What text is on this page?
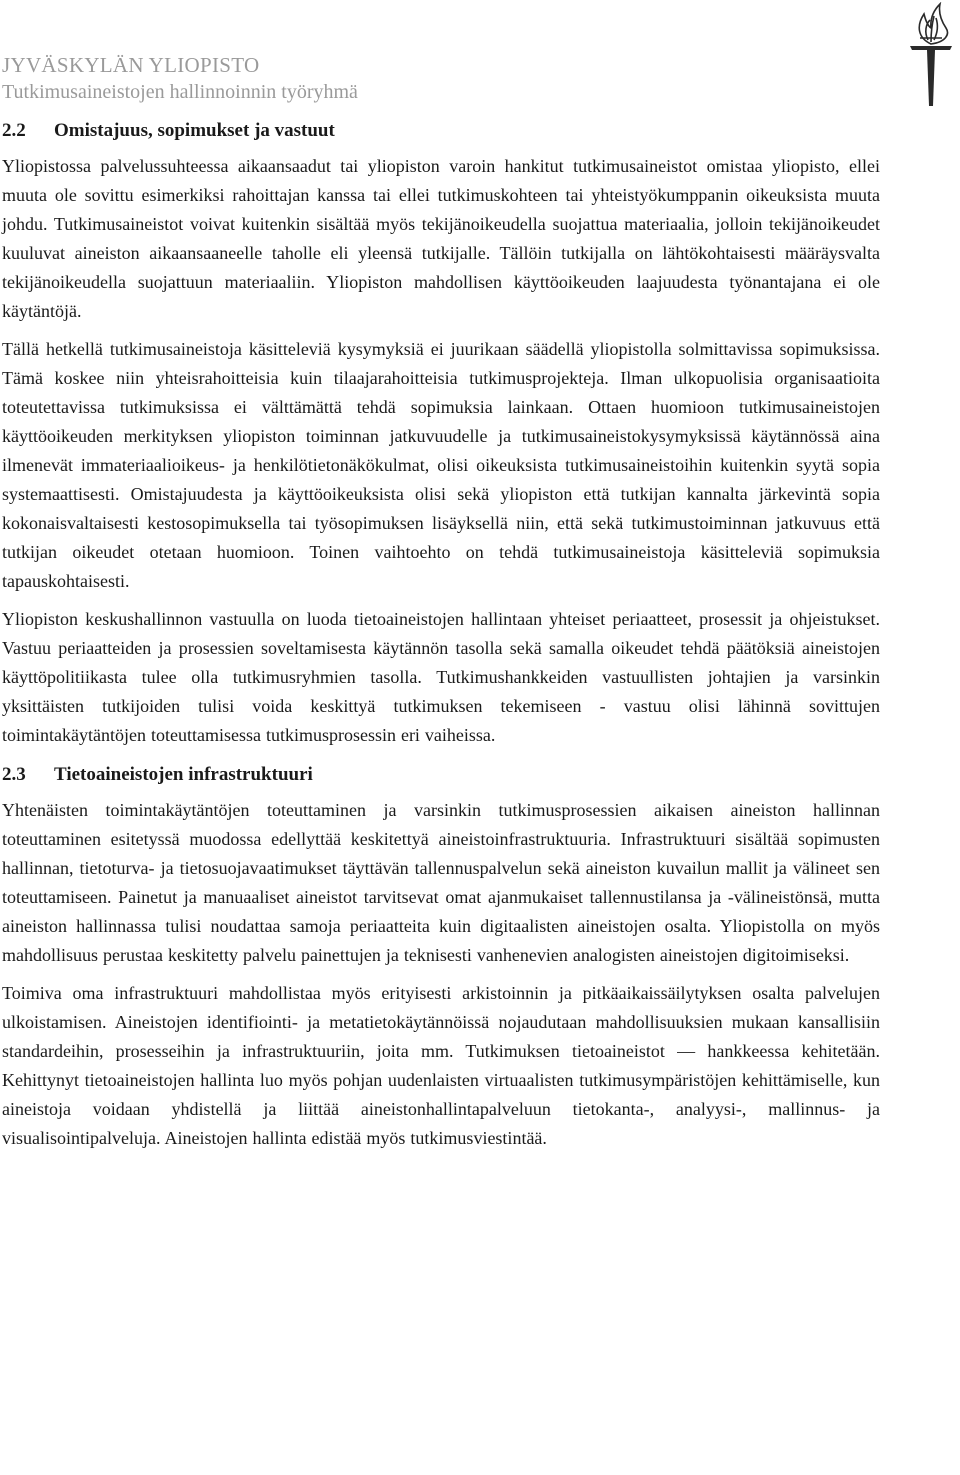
JYVÄSKYLÄN YLIOPISTO
Tutkimusaineistojen hallinnoinnin työryhmä
2.2	Omistajuus, sopimukset ja vastuut

Yliopistossa palvelussuhteessa aikaansaadut tai yliopiston varoin hankitut tutkimusaineistot omistaa yliopisto, ellei muuta ole sovittu esimerkiksi rahoittajan kanssa tai ellei tutkimuskohteen tai yhteistyökumppanin oikeuksista muuta johdu. Tutkimusaineistot voivat kuitenkin sisältää myös tekijänoikeudella suojattua materiaalia, jolloin tekijänoikeudet kuuluvat aineiston aikaansaaneelle taholle eli yleensä tutkijalle. Tällöin tutkijalla on lähtökohtaisesti määräysvalta tekijänoikeudella suojattuun materiaaliin. Yliopiston mahdollisen käyttöoikeuden laajuudesta työnantajana ei ole käytäntöjä.

Tällä hetkellä tutkimusaineistoja käsitteleviä kysymyksiä ei juurikaan säädellä yliopistolla solmittavissa sopimuksissa. Tämä koskee niin yhteisrahoitteisia kuin tilaajarahoitteisia tutkimusprojekteja. Ilman ulkopuolisia organisaatioita toteutettavissa tutkimuksissa ei välttämättä tehdä sopimuksia lainkaan. Ottaen huomioon tutkimusaineistojen käyttöoikeuden merkityksen yliopiston toiminnan jatkuvuudelle ja tutkimusaineistokysymyksissä käytännössä aina ilmenevät immateriaalioikeus- ja henkilötietonäkökulmat, olisi oikeuksista tutkimusaineistoihin kuitenkin syytä sopia systemaattisesti. Omistajuudesta ja käyttöoikeuksista olisi sekä yliopiston että tutkijan kannalta järkevintä sopia kokonaisvaltaisesti kestosopimuksella tai työsopimuksen lisäyksellä niin, että sekä tutkimustoiminnan jatkuvuus että tutkijan oikeudet otetaan huomioon. Toinen vaihtoehto on tehdä tutkimusaineistoja käsitteleviä sopimuksia tapauskohtaisesti.

Yliopiston keskushallinnon vastuulla on luoda tietoaineistojen hallintaan yhteiset periaatteet, prosessit ja ohjeistukset. Vastuu periaatteiden ja prosessien soveltamisesta käytännön tasolla sekä samalla oikeudet tehdä päätöksiä aineistojen käyttöpolitiikasta tulee olla tutkimusryhmien tasolla. Tutkimushankkeiden vastuullisten johtajien ja varsinkin yksittäisten tutkijoiden tulisi voida keskittyä tutkimuksen tekemiseen - vastuu olisi lähinnä sovittujen toimintakäytäntöjen toteuttamisessa tutkimusprosessin eri vaiheissa.

2.3	Tietoaineistojen infrastruktuuri

Yhtenäisten toimintakäytäntöjen toteuttaminen ja varsinkin tutkimusprosessien aikaisen aineiston hallinnan toteuttaminen esitetyssä muodossa edellyttää keskitettyä aineistoinfrastruktuuria. Infrastruktuuri sisältää sopimusten hallinnan, tietoturva- ja tietosuojavaatimukset täyttävän tallennuspalvelun sekä aineiston kuvailun mallit ja välineet sen toteuttamiseen. Painetut ja manuaaliset aineistot tarvitsevat omat ajanmukaiset tallennustilansa ja -välineistönsä, mutta aineiston hallinnassa tulisi noudattaa samoja periaatteita kuin digitaalisten aineistojen osalta. Yliopistolla on myös mahdollisuus perustaa keskitetty palvelu painettujen ja teknisesti vanhenevien analogisten aineistojen digitoimiseksi.

Toimiva oma infrastruktuuri mahdollistaa myös erityisesti arkistoinnin ja pitkäaikaissäilytyksen osalta palvelujen ulkoistamisen. Aineistojen identifiointi- ja metatietokäytännöissä nojaudutaan mahdollisuuksien mukaan kansallisiin standardeihin, prosesseihin ja infrastruktuuriin, joita mm. Tutkimuksen tietoaineistot — hankkeessa kehitetään. Kehittynyt tietoaineistojen hallinta luo myös pohjan uudenlaisten virtuaalisten tutkimusympäristöjen kehittämiselle, kun aineistoja voidaan yhdistellä ja liittää aineistonhallintapalveluun tietokanta-, analyysi-, mallinnus- ja visualisointipalveluja. Aineistojen hallinta edistää myös tutkimusviestintää.
